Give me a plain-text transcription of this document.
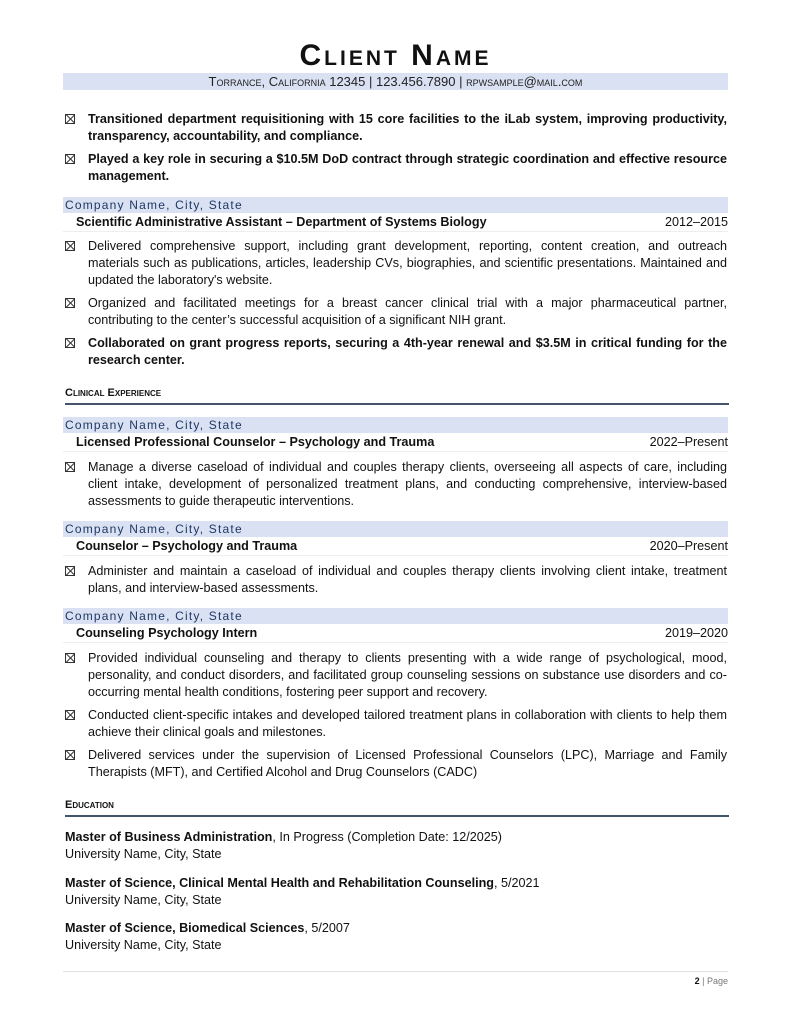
Client Name
Torrance, California 12345 | 123.456.7890 | rpwsample@mail.com
Transitioned department requisitioning with 15 core facilities to the iLab system, improving productivity, transparency, accountability, and compliance.
Played a key role in securing a $10.5M DoD contract through strategic coordination and effective resource management.
Company Name, City, State
Scientific Administrative Assistant – Department of Systems Biology	2012–2015
Delivered comprehensive support, including grant development, reporting, content creation, and outreach materials such as publications, articles, leadership CVs, biographies, and scientific presentations. Maintained and updated the laboratory's website.
Organized and facilitated meetings for a breast cancer clinical trial with a major pharmaceutical partner, contributing to the center’s successful acquisition of a significant NIH grant.
Collaborated on grant progress reports, securing a 4th-year renewal and $3.5M in critical funding for the research center.
Clinical Experience
Company Name, City, State
Licensed Professional Counselor – Psychology and Trauma	2022–Present
Manage a diverse caseload of individual and couples therapy clients, overseeing all aspects of care, including client intake, development of personalized treatment plans, and conducting comprehensive, interview-based assessments to guide therapeutic interventions.
Company Name, City, State
Counselor – Psychology and Trauma	2020–Present
Administer and maintain a caseload of individual and couples therapy clients involving client intake, treatment plans, and interview-based assessments.
Company Name, City, State
Counseling Psychology Intern	2019–2020
Provided individual counseling and therapy to clients presenting with a wide range of psychological, mood, personality, and conduct disorders, and facilitated group counseling sessions on substance use disorders and co-occurring mental health conditions, fostering peer support and recovery.
Conducted client-specific intakes and developed tailored treatment plans in collaboration with clients to help them achieve their clinical goals and milestones.
Delivered services under the supervision of Licensed Professional Counselors (LPC), Marriage and Family Therapists (MFT), and Certified Alcohol and Drug Counselors (CADC)
Education
Master of Business Administration, In Progress (Completion Date: 12/2025)
University Name, City, State
Master of Science, Clinical Mental Health and Rehabilitation Counseling, 5/2021
University Name, City, State
Master of Science, Biomedical Sciences, 5/2007
University Name, City, State
2 | Page
